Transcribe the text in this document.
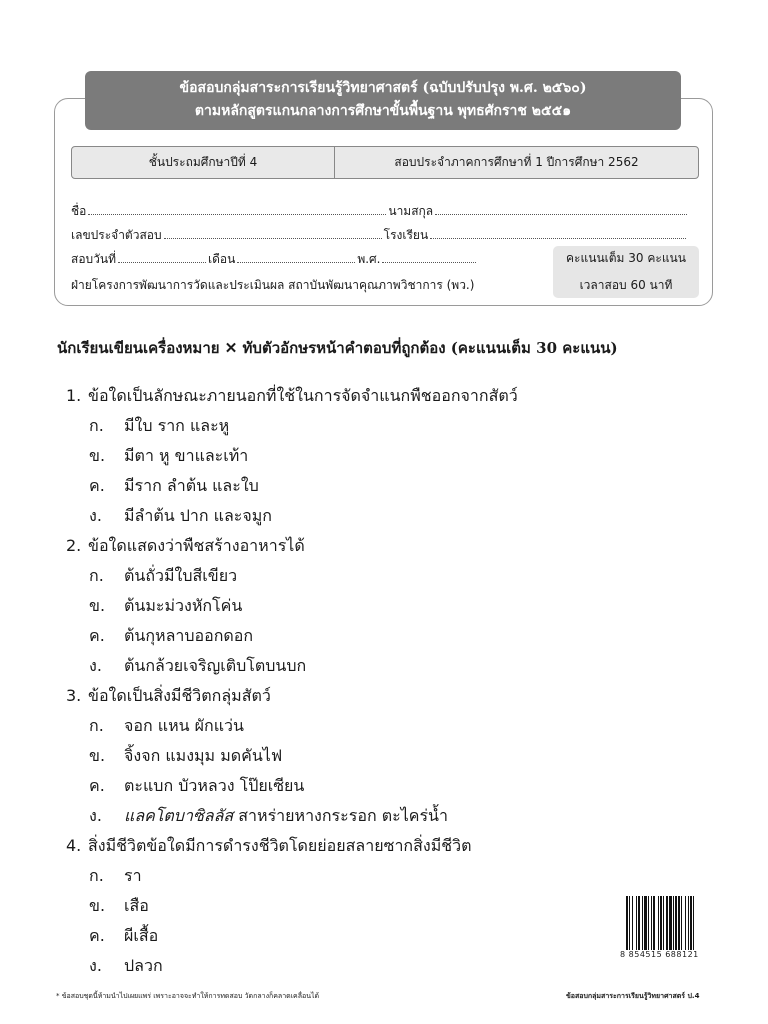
ข้อสอบกลุ่มสาระการเรียนรู้วิทยาศาสตร์ (ฉบับปรับปรุง พ.ศ. ๒๕๖๐)
ตามหลักสูตรแกนกลางการศึกษาขั้นพื้นฐาน พุทธศักราช ๒๕๕๑
ชั้นประถมศึกษาปีที่ 4	สอบประจำภาคการศึกษาที่ 1 ปีการศึกษา 2562
ชื่อ	นามสกุล
เลขประจำตัวสอบ	โรงเรียน
สอบวันที่	เดือน	พ.ศ.
ฝ่ายโครงการพัฒนาการวัดและประเมินผล สถาบันพัฒนาคุณภาพวิชาการ (พว.)
คะแนนเต็ม 30 คะแนน
เวลาสอบ 60 นาที
นักเรียนเขียนเครื่องหมาย ✕ ทับตัวอักษรหน้าคำตอบที่ถูกต้อง (คะแนนเต็ม 30 คะแนน)
1. ข้อใดเป็นลักษณะภายนอกที่ใช้ในการจัดจำแนกพืชออกจากสัตว์
ก. มีใบ ราก และหู
ข. มีตา หู ขาและเท้า
ค. มีราก ลำต้น และใบ
ง. มีลำต้น ปาก และจมูก
2. ข้อใดแสดงว่าพืชสร้างอาหารได้
ก. ต้นถั่วมีใบสีเขียว
ข. ต้นมะม่วงหักโค่น
ค. ต้นกุหลาบออกดอก
ง. ต้นกล้วยเจริญเติบโตบนบก
3. ข้อใดเป็นสิ่งมีชีวิตกลุ่มสัตว์
ก. จอก แหน ผักแว่น
ข. จิ้งจก แมงมุม มดคันไฟ
ค. ตะแบก บัวหลวง โป๊ยเซียน
ง. แลคโตบาซิลลัส สาหร่ายหางกระรอก ตะไคร่น้ำ
4. สิ่งมีชีวิตข้อใดมีการดำรงชีวิตโดยย่อยสลายซากสิ่งมีชีวิต
ก. รา
ข. เสือ
ค. ผีเสื้อ
ง. ปลวก
8 854515 688121
* ข้อสอบชุดนี้ห้ามนำไปเผยแพร่ เพราะอาจจะทำให้การทดสอบ วัดกลางก็คลาดเคลื่อนได้	ข้อสอบกลุ่มสาระการเรียนรู้วิทยาศาสตร์ ป.4
